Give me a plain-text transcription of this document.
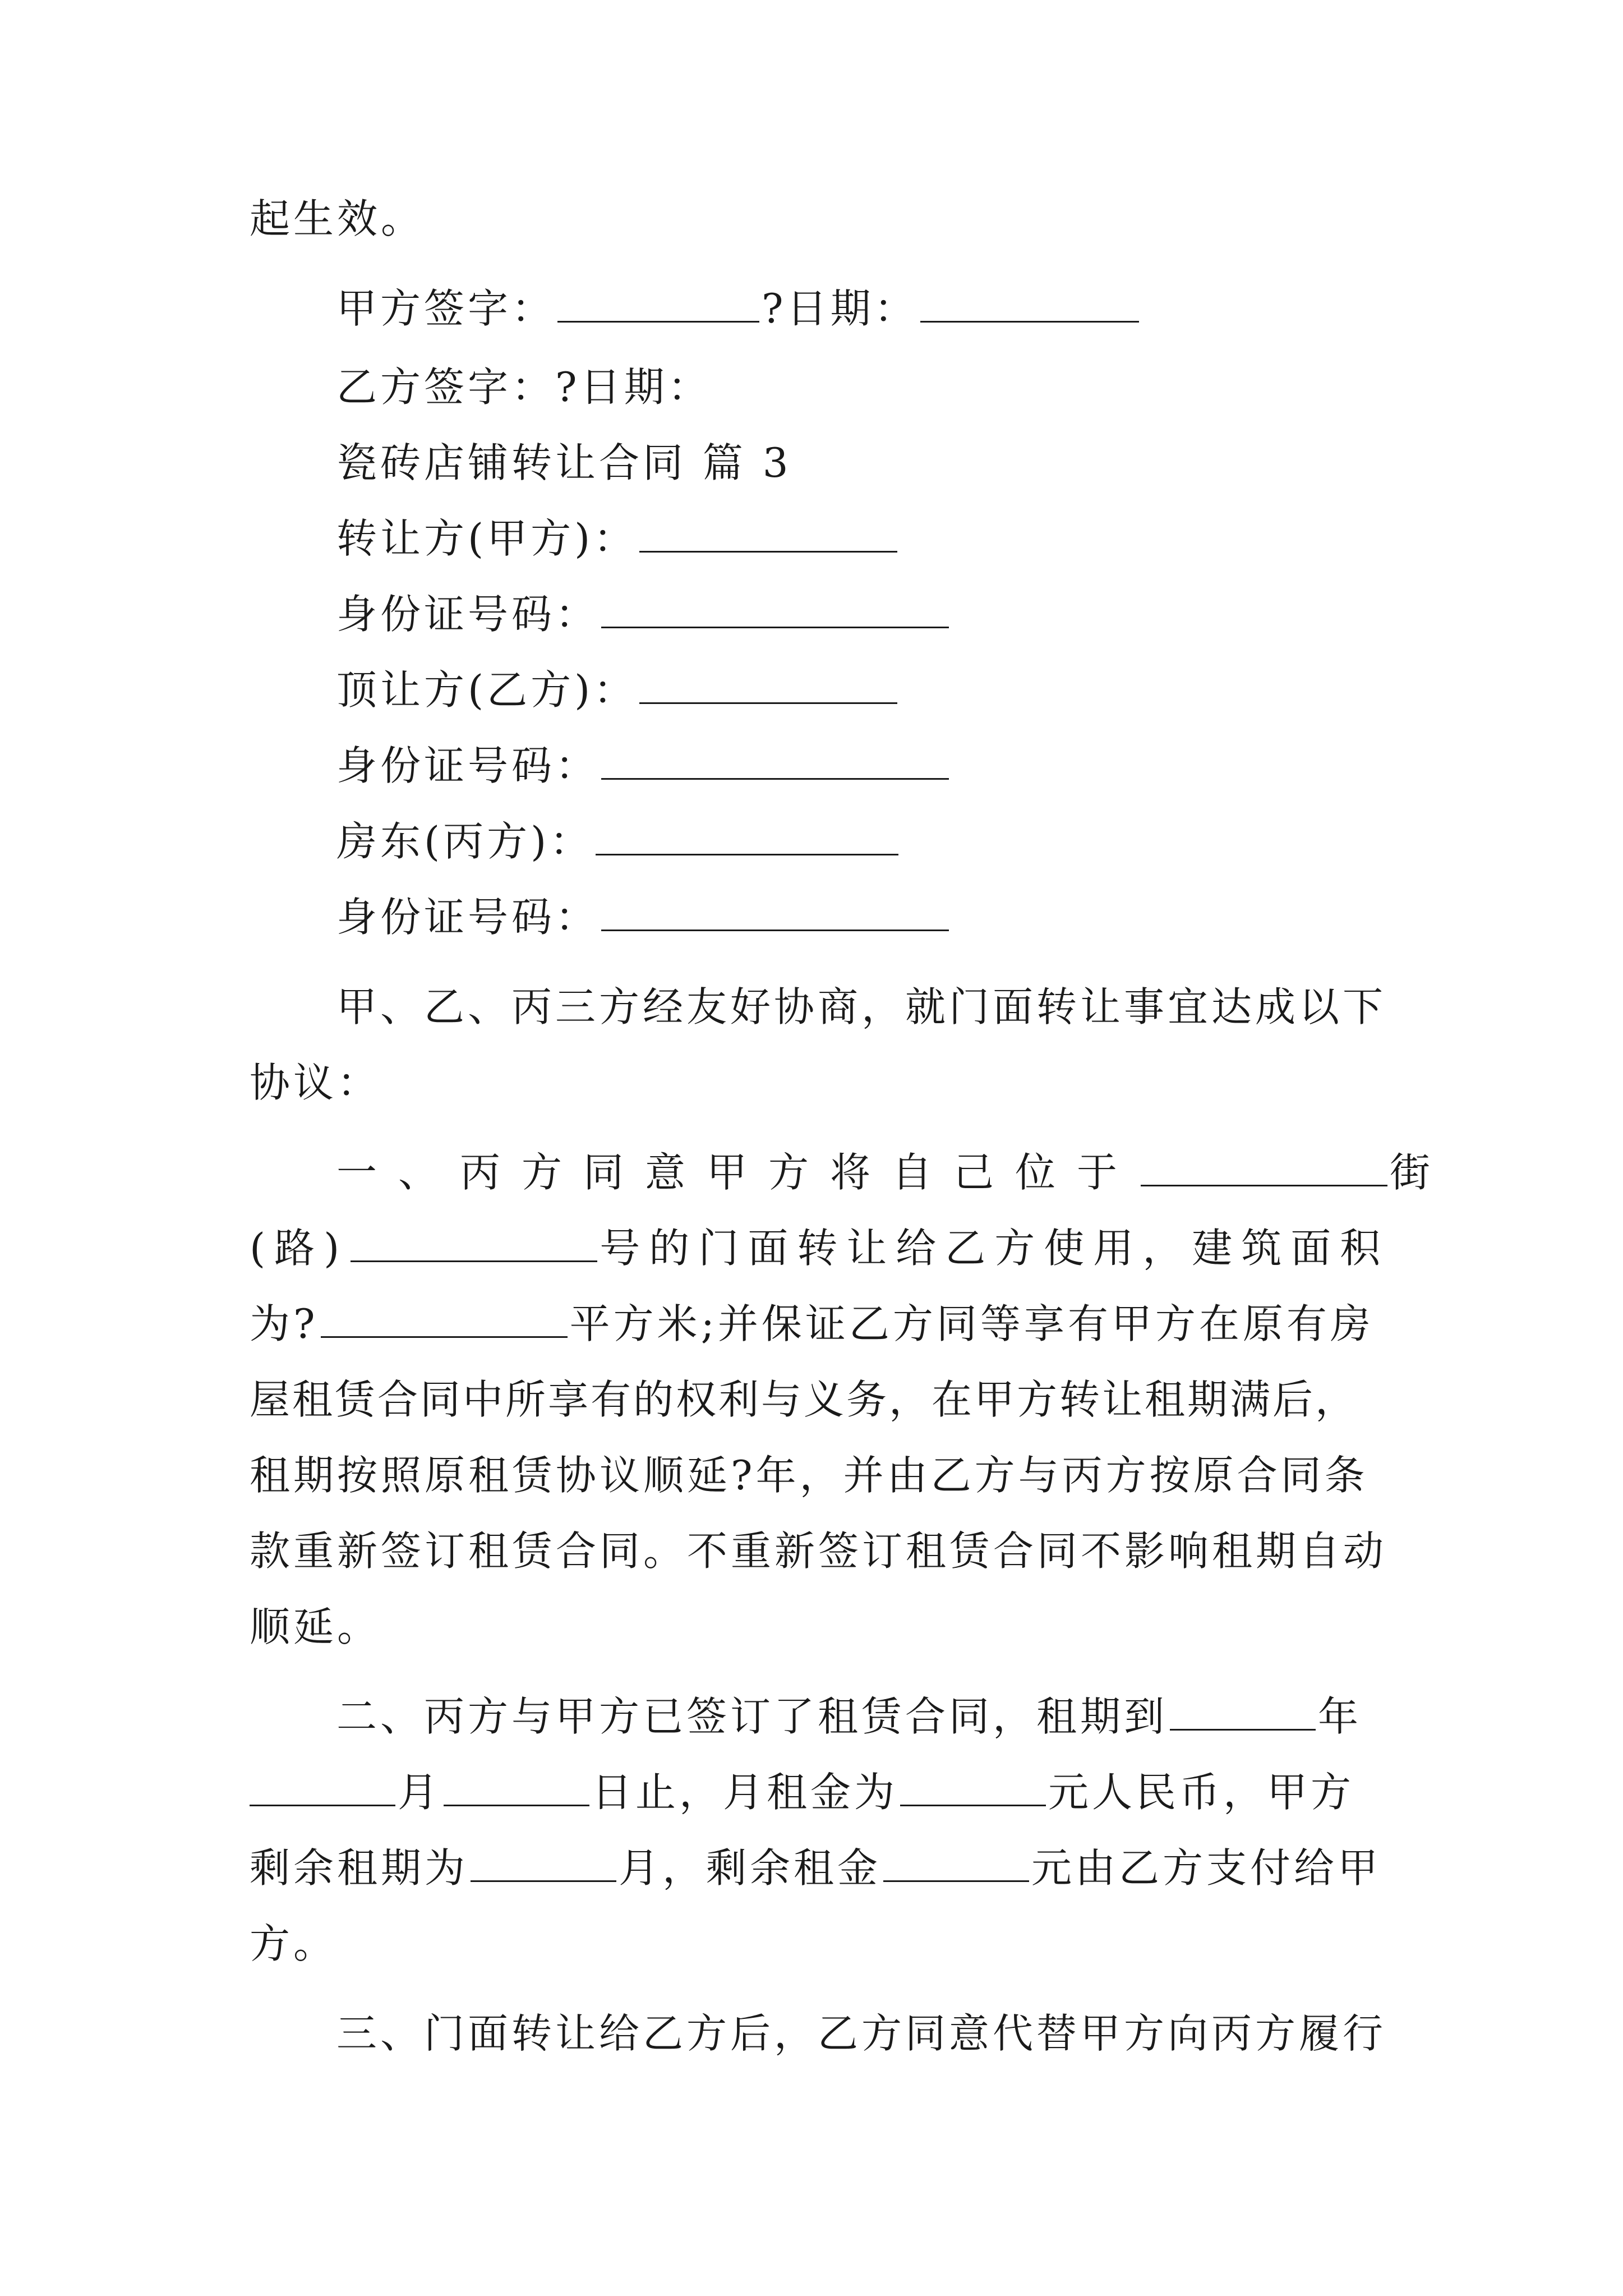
起生效。
甲方签字：	?日期：
乙方签字：?日期：
瓷砖店铺转让合同 篇 3
转让方(甲方)：
身份证号码：
顶让方(乙方)：
身份证号码：
房东(丙方)：
身份证号码：
甲、乙、丙三方经友好协商，就门面转让事宜达成以下
协议：
一、丙方同意甲方将自己位于	街
(路)	号的门面转让给乙方使用，建筑面积
为?	平方米;并保证乙方同等享有甲方在原有房
屋租赁合同中所享有的权利与义务，在甲方转让租期满后，
租期按照原租赁协议顺延?年，并由乙方与丙方按原合同条
款重新签订租赁合同。不重新签订租赁合同不影响租期自动
顺延。
二、丙方与甲方已签订了租赁合同，租期到	年
月	日止，月租金为	元人民币，甲方
剩余租期为	月，剩余租金	元由乙方支付给甲
方。
三、门面转让给乙方后，乙方同意代替甲方向丙方履行
